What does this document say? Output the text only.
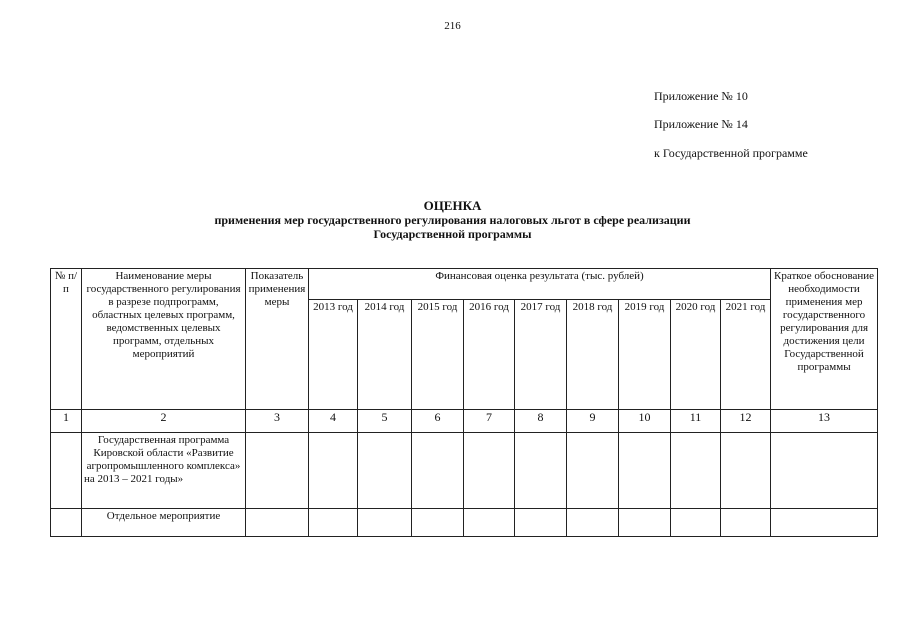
216
Приложение № 10
Приложение № 14
к Государственной программе
ОЦЕНКА
применения мер государственного регулирования налоговых льгот в сфере реализации
Государственной программы
№ п/п	Наименование меры государственного регулирования в разрезе подпрограмм, областных целевых программ, ведомственных целевых программ, отдельных мероприятий	Показатель применения меры	Финансовая оценка результата (тыс. рублей)									Краткое обоснование необходимости применения мер государственного регулирования для достижения цели Государственной программы
			2013 год	2014 год	2015 год	2016 год	2017 год	2018 год	2019 год	2020 год	2021 год	
1	2	3	4	5	6	7	8	9	10	11	12	13
	Государственная программа Кировской области «Развитие агропромышленного комплекса» на 2013 – 2021 годы»											
	Отдельное мероприятие											
